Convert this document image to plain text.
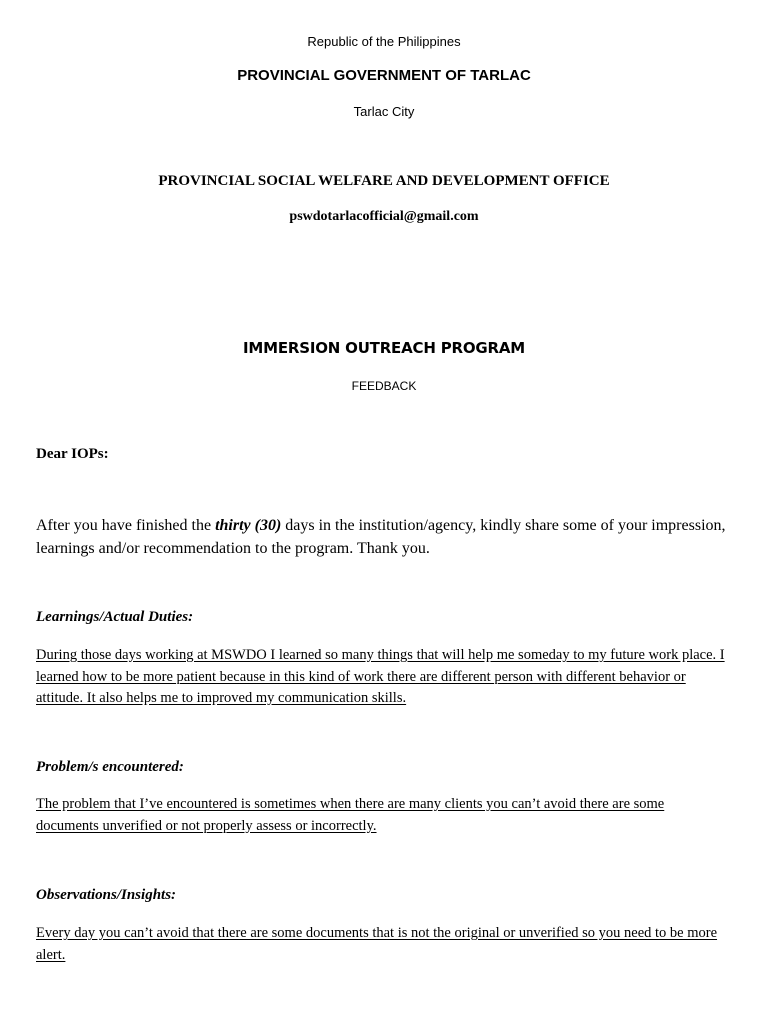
Republic of the Philippines
PROVINCIAL GOVERNMENT OF TARLAC
Tarlac City
PROVINCIAL SOCIAL WELFARE AND DEVELOPMENT OFFICE
pswdotarlacofficial@gmail.com
IMMERSION OUTREACH PROGRAM
FEEDBACK
Dear IOPs:
After you have finished the thirty (30) days in the institution/agency, kindly share some of your impression, learnings and/or recommendation to the program. Thank you.
Learnings/Actual Duties:
During those days working at MSWDO I learned so many things that will help me someday to my future work place. I learned how to be more patient because in this kind of work there are different person with different behavior or attitude. It also helps me to improved my communication skills.
Problem/s encountered:
The problem that I’ve encountered is sometimes when there are many clients you can’t avoid there are some documents unverified or not properly assess or incorrectly.
Observations/Insights:
Every day you can’t avoid that there are some documents that is not the original or unverified so you need to be more alert.
